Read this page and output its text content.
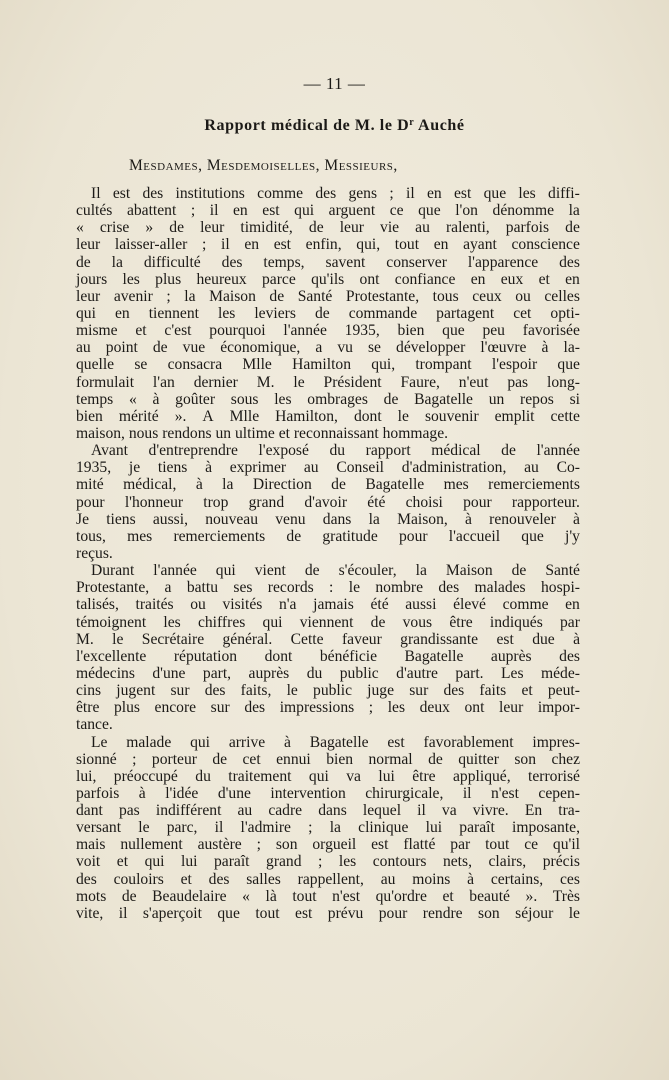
— 11 —
Rapport médical de M. le $D^r$ Auché
Mesdames, Mesdemoiselles, Messieurs,
Il est des institutions comme des gens ; il en est que les diffi-
cultés abattent ; il en est qui arguent ce que l'on dénomme la
« crise » de leur timidité, de leur vie au ralenti, parfois de
leur laisser-aller ; il en est enfin, qui, tout en ayant conscience
de la difficulté des temps, savent conserver l'apparence des
jours les plus heureux parce qu'ils ont confiance en eux et en
leur avenir ; la Maison de Santé Protestante, tous ceux ou celles
qui en tiennent les leviers de commande partagent cet opti-
misme et c'est pourquoi l'année 1935, bien que peu favorisée
au point de vue économique, a vu se développer l'œuvre à la-
quelle se consacra Mlle Hamilton qui, trompant l'espoir que
formulait l'an dernier M. le Président Faure, n'eut pas long-
temps « à goûter sous les ombrages de Bagatelle un repos si
bien mérité ». A Mlle Hamilton, dont le souvenir emplit cette
maison, nous rendons un ultime et reconnaissant hommage.
Avant d'entreprendre l'exposé du rapport médical de l'année
1935, je tiens à exprimer au Conseil d'administration, au Co-
mité médical, à la Direction de Bagatelle mes remerciements
pour l'honneur trop grand d'avoir été choisi pour rapporteur.
Je tiens aussi, nouveau venu dans la Maison, à renouveler à
tous, mes remerciements de gratitude pour l'accueil que j'y
reçus.
Durant l'année qui vient de s'écouler, la Maison de Santé
Protestante, a battu ses records : le nombre des malades hospi-
talisés, traités ou visités n'a jamais été aussi élevé comme en
témoignent les chiffres qui viennent de vous être indiqués par
M. le Secrétaire général. Cette faveur grandissante est due à
l'excellente réputation dont bénéficie Bagatelle auprès des
médecins d'une part, auprès du public d'autre part. Les méde-
cins jugent sur des faits, le public juge sur des faits et peut-
être plus encore sur des impressions ; les deux ont leur impor-
tance.
Le malade qui arrive à Bagatelle est favorablement impres-
sionné ; porteur de cet ennui bien normal de quitter son chez
lui, préoccupé du traitement qui va lui être appliqué, terrorisé
parfois à l'idée d'une intervention chirurgicale, il n'est cepen-
dant pas indifférent au cadre dans lequel il va vivre. En tra-
versant le parc, il l'admire ; la clinique lui paraît imposante,
mais nullement austère ; son orgueil est flatté par tout ce qu'il
voit et qui lui paraît grand ; les contours nets, clairs, précis
des couloirs et des salles rappellent, au moins à certains, ces
mots de Beaudelaire « là tout n'est qu'ordre et beauté ». Très
vite, il s'aperçoit que tout est prévu pour rendre son séjour le
